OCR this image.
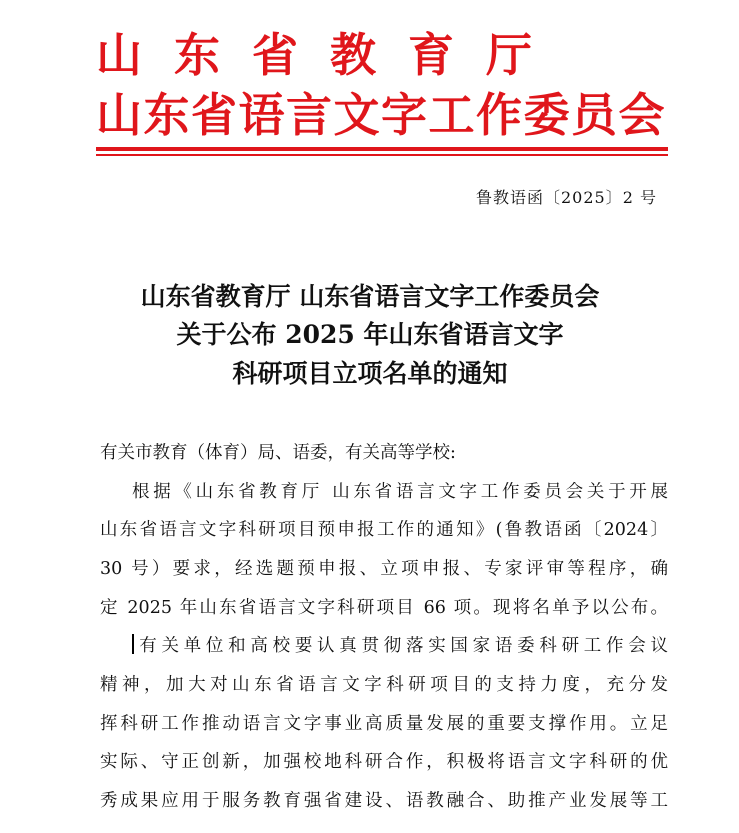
山东省教育厅
山东省语言文字工作委员会
鲁教语函〔2025〕2 号
山东省教育厅 山东省语言文字工作委员会
关于公布 2025 年山东省语言文字
科研项目立项名单的通知
有关市教育（体育）局、语委，有关高等学校:
根据《山东省教育厅 山东省语言文字工作委员会关于开展
山东省语言文字科研项目预申报工作的通知》(鲁教语函〔2024〕
30 号）要求，经选题预申报、立项申报、专家评审等程序，确
定 2025 年山东省语言文字科研项目 66 项。现将名单予以公布。
有关单位和高校要认真贯彻落实国家语委科研工作会议
精神，加大对山东省语言文字科研项目的支持力度，充分发
挥科研工作推动语言文字事业高质量发展的重要支撑作用。立足
实际、守正创新，加强校地科研合作，积极将语言文字科研的优
秀成果应用于服务教育强省建设、语教融合、助推产业发展等工
